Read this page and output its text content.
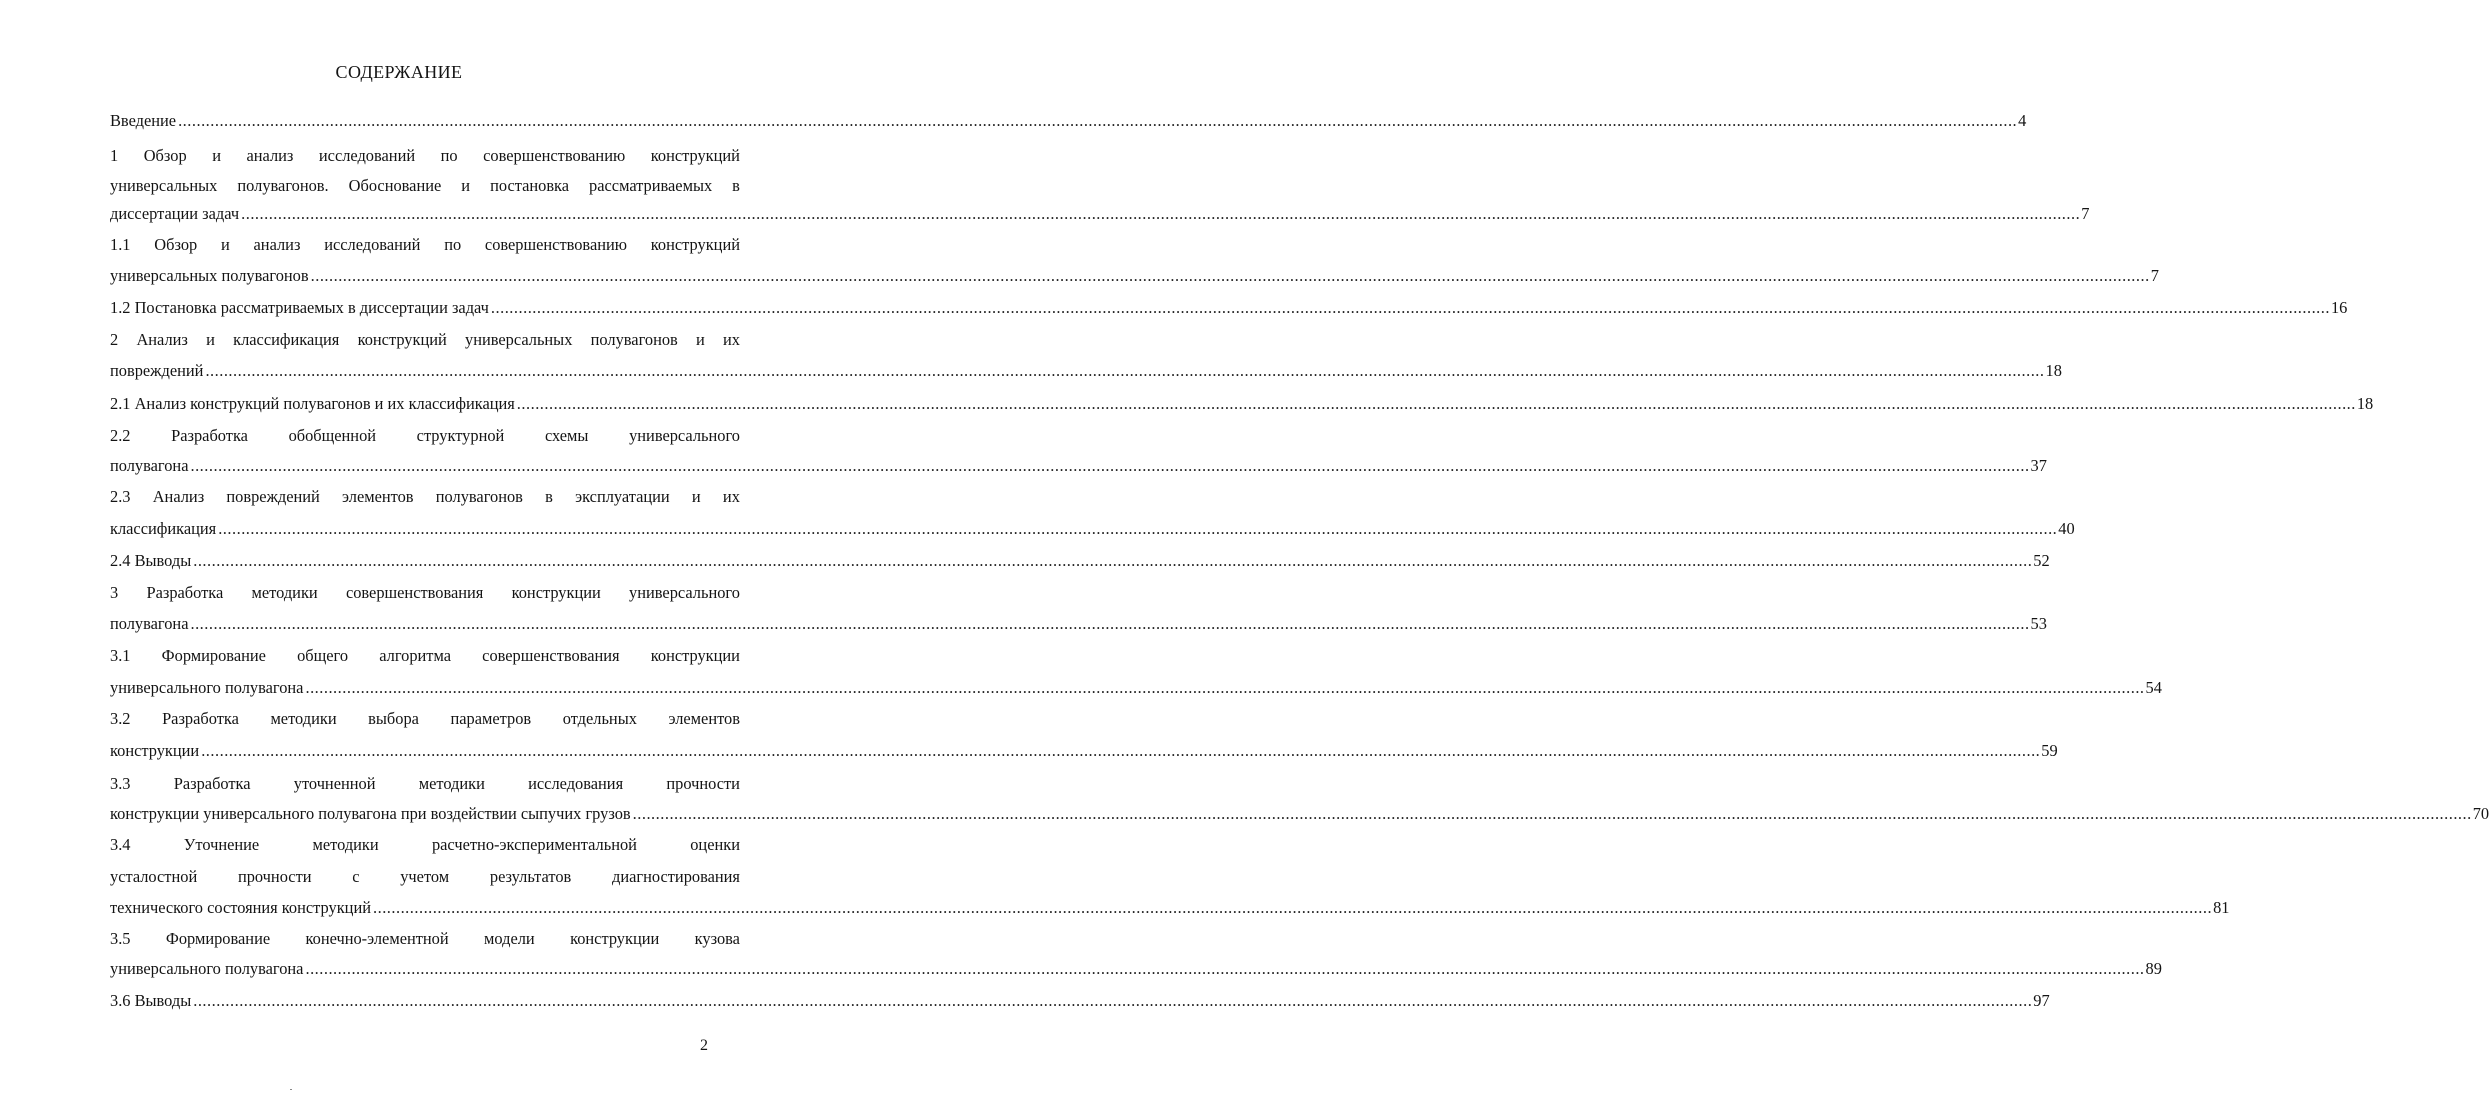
СОДЕРЖАНИЕ
Введение ................................................................................................................................................................................................................................................................................................................................................................................................................ 4
1 Обзор и анализ исследований по совершенствованию конструкций
универсальных полувагонов. Обоснование и постановка рассматриваемых в
диссертации задач ................................................................................................................................................................................................................................................................................................................................................................................................................ 7
1.1 Обзор и анализ исследований по совершенствованию конструкций
универсальных полувагонов ................................................................................................................................................................................................................................................................................................................................................................................................................ 7
1.2 Постановка рассматриваемых в диссертации задач ................................................................................................................................................................................................................................................................................................................................................................................................................ 16
2 Анализ и классификация конструкций универсальных полувагонов и их
повреждений ................................................................................................................................................................................................................................................................................................................................................................................................................ 18
2.1 Анализ конструкций полувагонов и их классификация ................................................................................................................................................................................................................................................................................................................................................................................................................ 18
2.2 Разработка обобщенной структурной схемы универсального
полувагона ................................................................................................................................................................................................................................................................................................................................................................................................................ 37
2.3 Анализ повреждений элементов полувагонов в эксплуатации и их
классификация ................................................................................................................................................................................................................................................................................................................................................................................................................ 40
2.4 Выводы ................................................................................................................................................................................................................................................................................................................................................................................................................ 52
3 Разработка методики совершенствования конструкции универсального
полувагона ................................................................................................................................................................................................................................................................................................................................................................................................................ 53
3.1 Формирование общего алгоритма совершенствования конструкции
универсального полувагона ................................................................................................................................................................................................................................................................................................................................................................................................................ 54
3.2 Разработка методики выбора параметров отдельных элементов
конструкции ................................................................................................................................................................................................................................................................................................................................................................................................................ 59
3.3	Разработка	уточненной	методики	исследования	прочности
конструкции универсального полувагона при воздействии сыпучих грузов ................................................................................................................................................................................................................................................................................................................................................................................................................ 70
3.4	Уточнение	методики	расчетно-экспериментальной	оценки
усталостной прочности с учетом результатов диагностирования
технического состояния конструкций ................................................................................................................................................................................................................................................................................................................................................................................................................ 81
3.5 Формирование конечно-элементной модели конструкции кузова
универсального полувагона ................................................................................................................................................................................................................................................................................................................................................................................................................ 89
3.6 Выводы ................................................................................................................................................................................................................................................................................................................................................................................................................ 97
2
